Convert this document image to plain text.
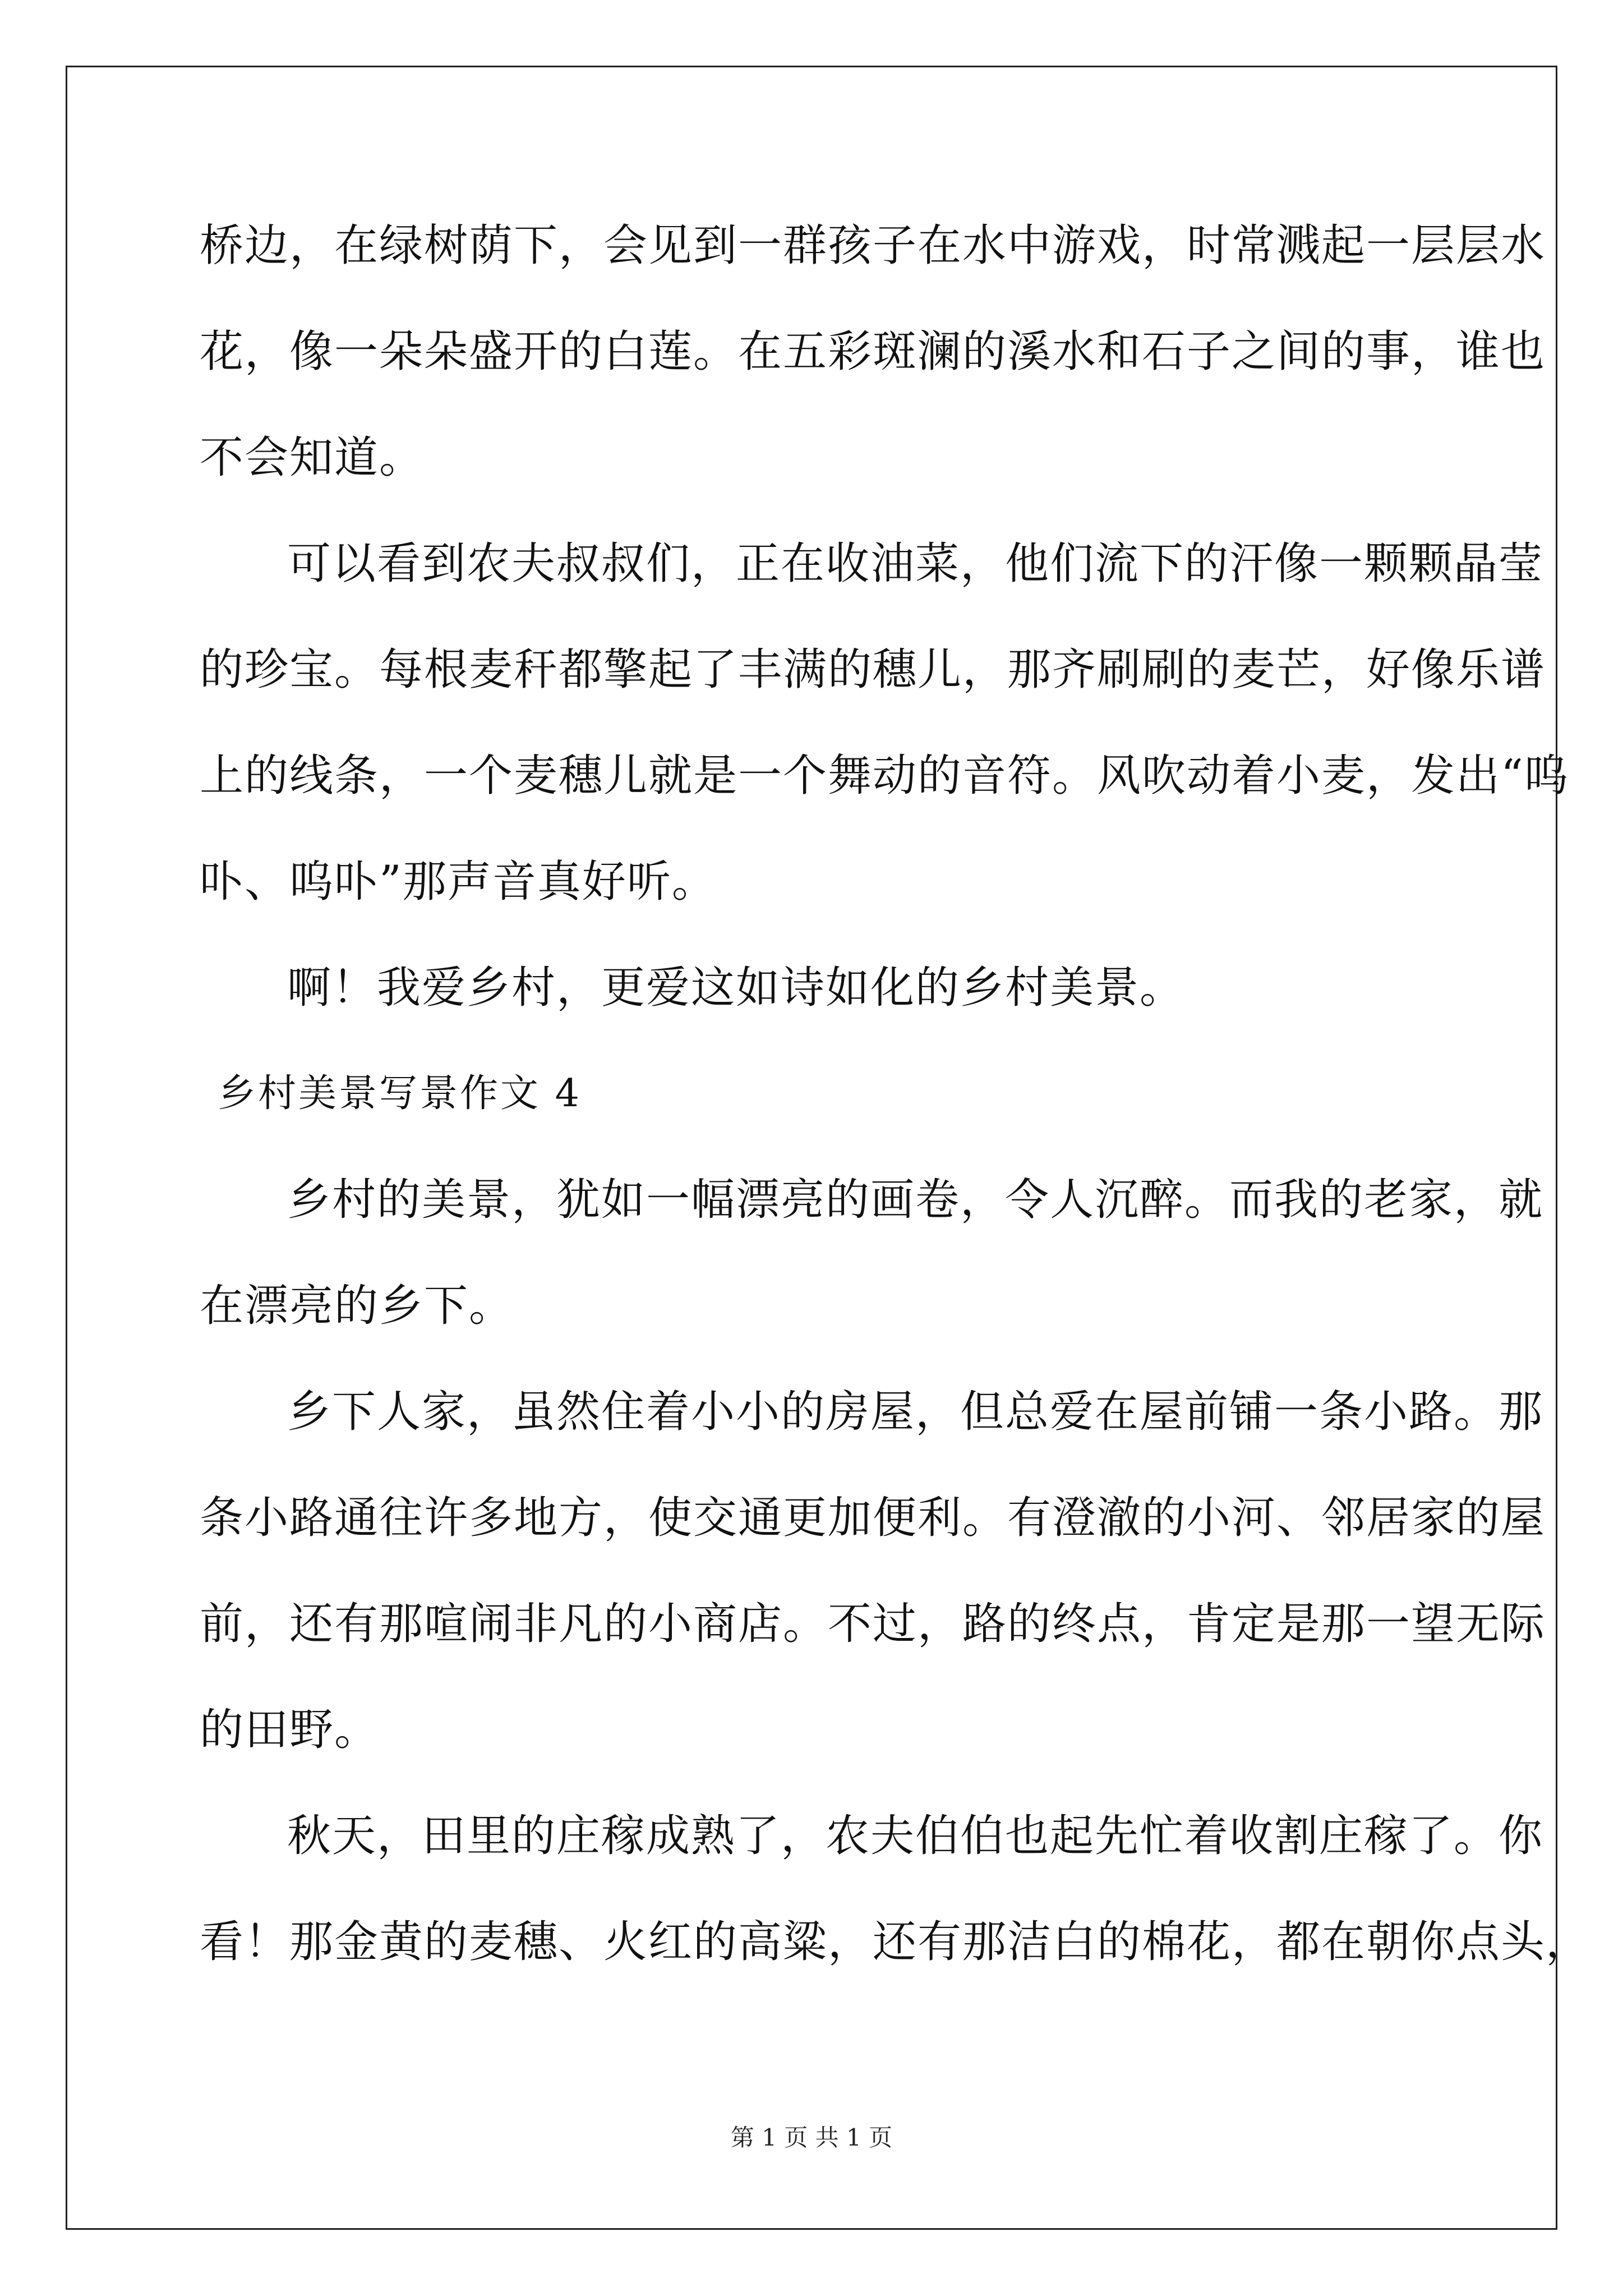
桥边，在绿树荫下，会见到一群孩子在水中游戏，时常溅起一层层水
花，像一朵朵盛开的白莲。在五彩斑澜的溪水和石子之间的事，谁也
不会知道。
可以看到农夫叔叔们，正在收油菜，他们流下的汗像一颗颗晶莹
的珍宝。每根麦秆都擎起了丰满的穗儿，那齐刷刷的麦芒，好像乐谱
上的线条，一个麦穗儿就是一个舞动的音符。风吹动着小麦，发出“呜
卟、呜卟”那声音真好听。
啊！我爱乡村，更爱这如诗如化的乡村美景。
乡村美景写景作文 4
乡村的美景，犹如一幅漂亮的画卷，令人沉醉。而我的老家，就
在漂亮的乡下。
乡下人家，虽然住着小小的房屋，但总爱在屋前铺一条小路。那
条小路通往许多地方，使交通更加便利。有澄澈的小河、邻居家的屋
前，还有那喧闹非凡的小商店。不过，路的终点，肯定是那一望无际
的田野。
秋天，田里的庄稼成熟了，农夫伯伯也起先忙着收割庄稼了。你
看！那金黄的麦穗、火红的高粱，还有那洁白的棉花，都在朝你点头，
第 1 页 共 1 页
